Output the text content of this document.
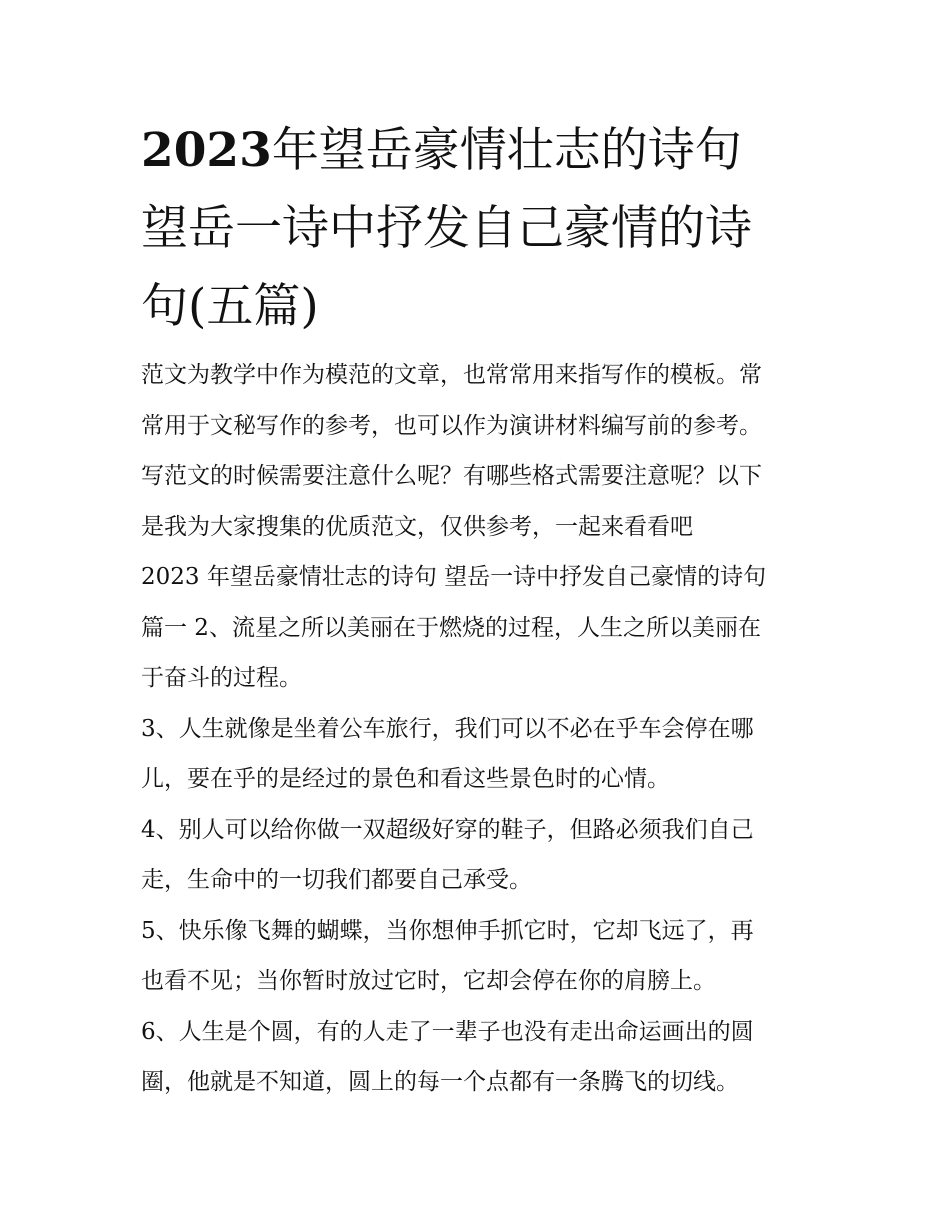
2023年望岳豪情壮志的诗句
望岳一诗中抒发自己豪情的诗
句(五篇)
范文为教学中作为模范的文章，也常常用来指写作的模板。常
常用于文秘写作的参考，也可以作为演讲材料编写前的参考。
写范文的时候需要注意什么呢？有哪些格式需要注意呢？以下
是我为大家搜集的优质范文，仅供参考，一起来看看吧
2023 年望岳豪情壮志的诗句 望岳一诗中抒发自己豪情的诗句
篇一 2、流星之所以美丽在于燃烧的过程，人生之所以美丽在
于奋斗的过程。
3、人生就像是坐着公车旅行，我们可以不必在乎车会停在哪
儿，要在乎的是经过的景色和看这些景色时的心情。
4、别人可以给你做一双超级好穿的鞋子，但路必须我们自己
走，生命中的一切我们都要自己承受。
5、快乐像飞舞的蝴蝶，当你想伸手抓它时，它却飞远了，再
也看不见；当你暂时放过它时，它却会停在你的肩膀上。
6、人生是个圆，有的人走了一辈子也没有走出命运画出的圆
圈，他就是不知道，圆上的每一个点都有一条腾飞的切线。
